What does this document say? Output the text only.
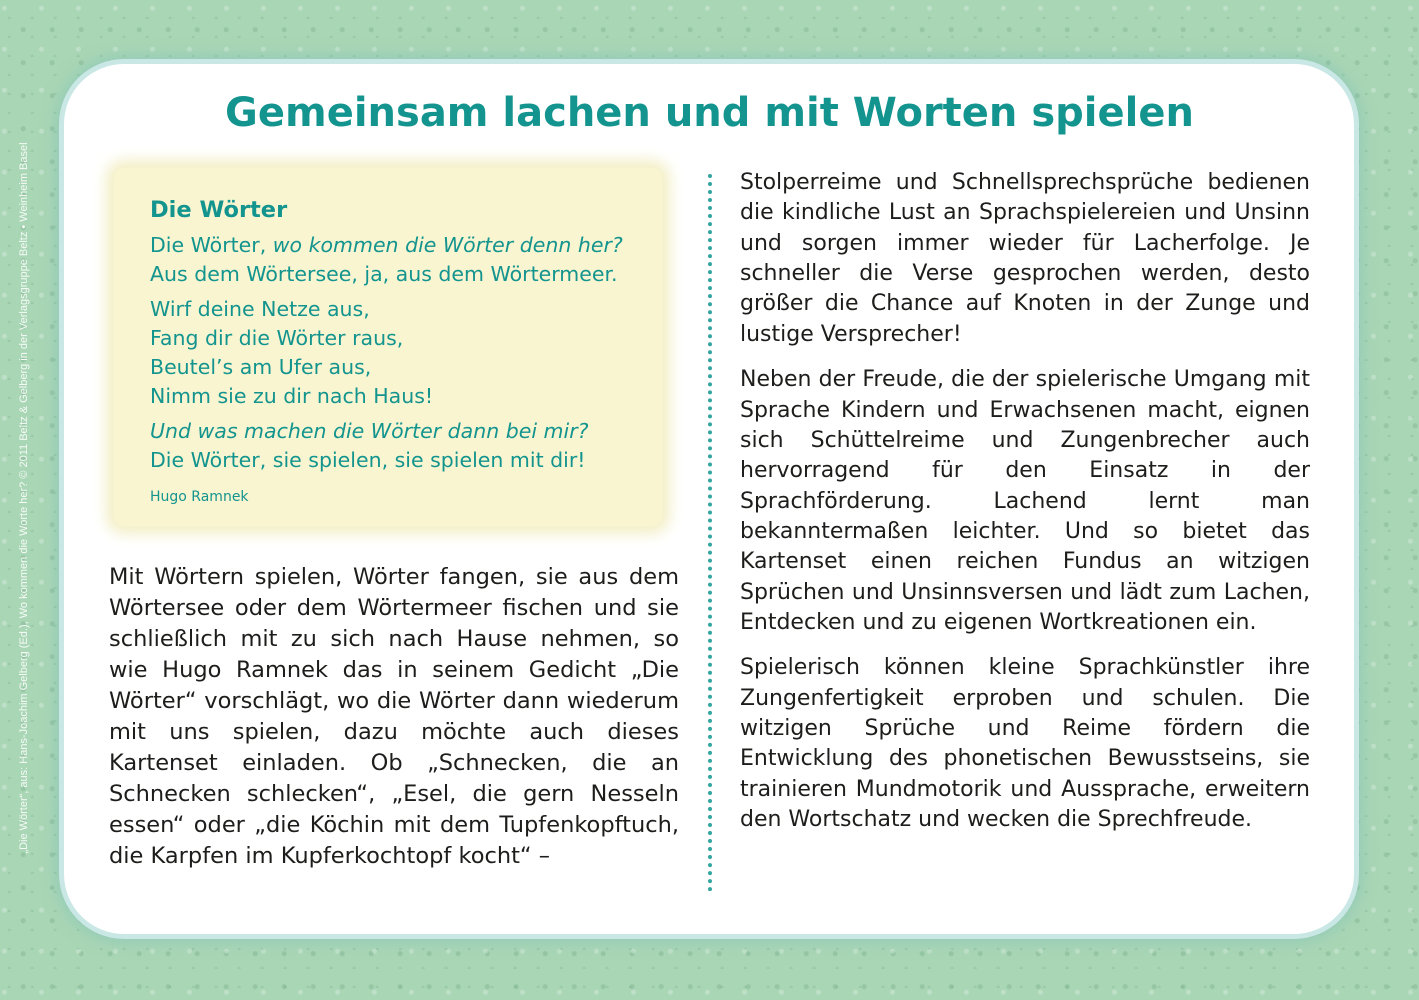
„Die Wörter“, aus: Hans-Joachim Gelberg (Ed.), Wo kommen die Worte her? © 2011 Beltz & Gelberg in der Verlagsgruppe Beltz • Weinheim Basel
Gemeinsam lachen und mit Worten spielen
Die Wörter
Die Wörter, wo kommen die Wörter denn her?
Aus dem Wörtersee, ja, aus dem Wörtermeer.
Wirf deine Netze aus,
Fang dir die Wörter raus,
Beutel’s am Ufer aus,
Nimm sie zu dir nach Haus!
Und was machen die Wörter dann bei mir?
Die Wörter, sie spielen, sie spielen mit dir!
Hugo Ramnek

Mit Wörtern spielen, Wörter fangen, sie aus dem Wörtersee oder dem Wörtermeer fischen und sie schließlich mit zu sich nach Hause nehmen, so wie Hugo Ramnek das in seinem Gedicht „Die Wörter“ vorschlägt, wo die Wörter dann wiederum mit uns spielen, dazu möchte auch dieses Kartenset einladen. Ob „Schnecken, die an Schnecken schlecken“, „Esel, die gern Nesseln essen“ oder „die Köchin mit dem Tupfenkopftuch, die Karpfen im Kupferkochtopf kocht“ –

Stolperreime und Schnellsprechsprüche bedienen die kindliche Lust an Sprachspielereien und Unsinn und sorgen immer wieder für Lacherfolge. Je schneller die Verse gesprochen werden, desto größer die Chance auf Knoten in der Zunge und lustige Versprecher!

Neben der Freude, die der spielerische Umgang mit Sprache Kindern und Erwachsenen macht, eignen sich Schüttelreime und Zungenbrecher auch hervorragend für den Einsatz in der Sprachförderung. Lachend lernt man bekanntermaßen leichter. Und so bietet das Kartenset einen reichen Fundus an witzigen Sprüchen und Unsinnsversen und lädt zum Lachen, Entdecken und zu eigenen Wortkreationen ein.

Spielerisch können kleine Sprachkünstler ihre Zungenfertigkeit erproben und schulen. Die witzigen Sprüche und Reime fördern die Entwicklung des phonetischen Bewusstseins, sie trainieren Mundmotorik und Aussprache, erweitern den Wortschatz und wecken die Sprechfreude.
